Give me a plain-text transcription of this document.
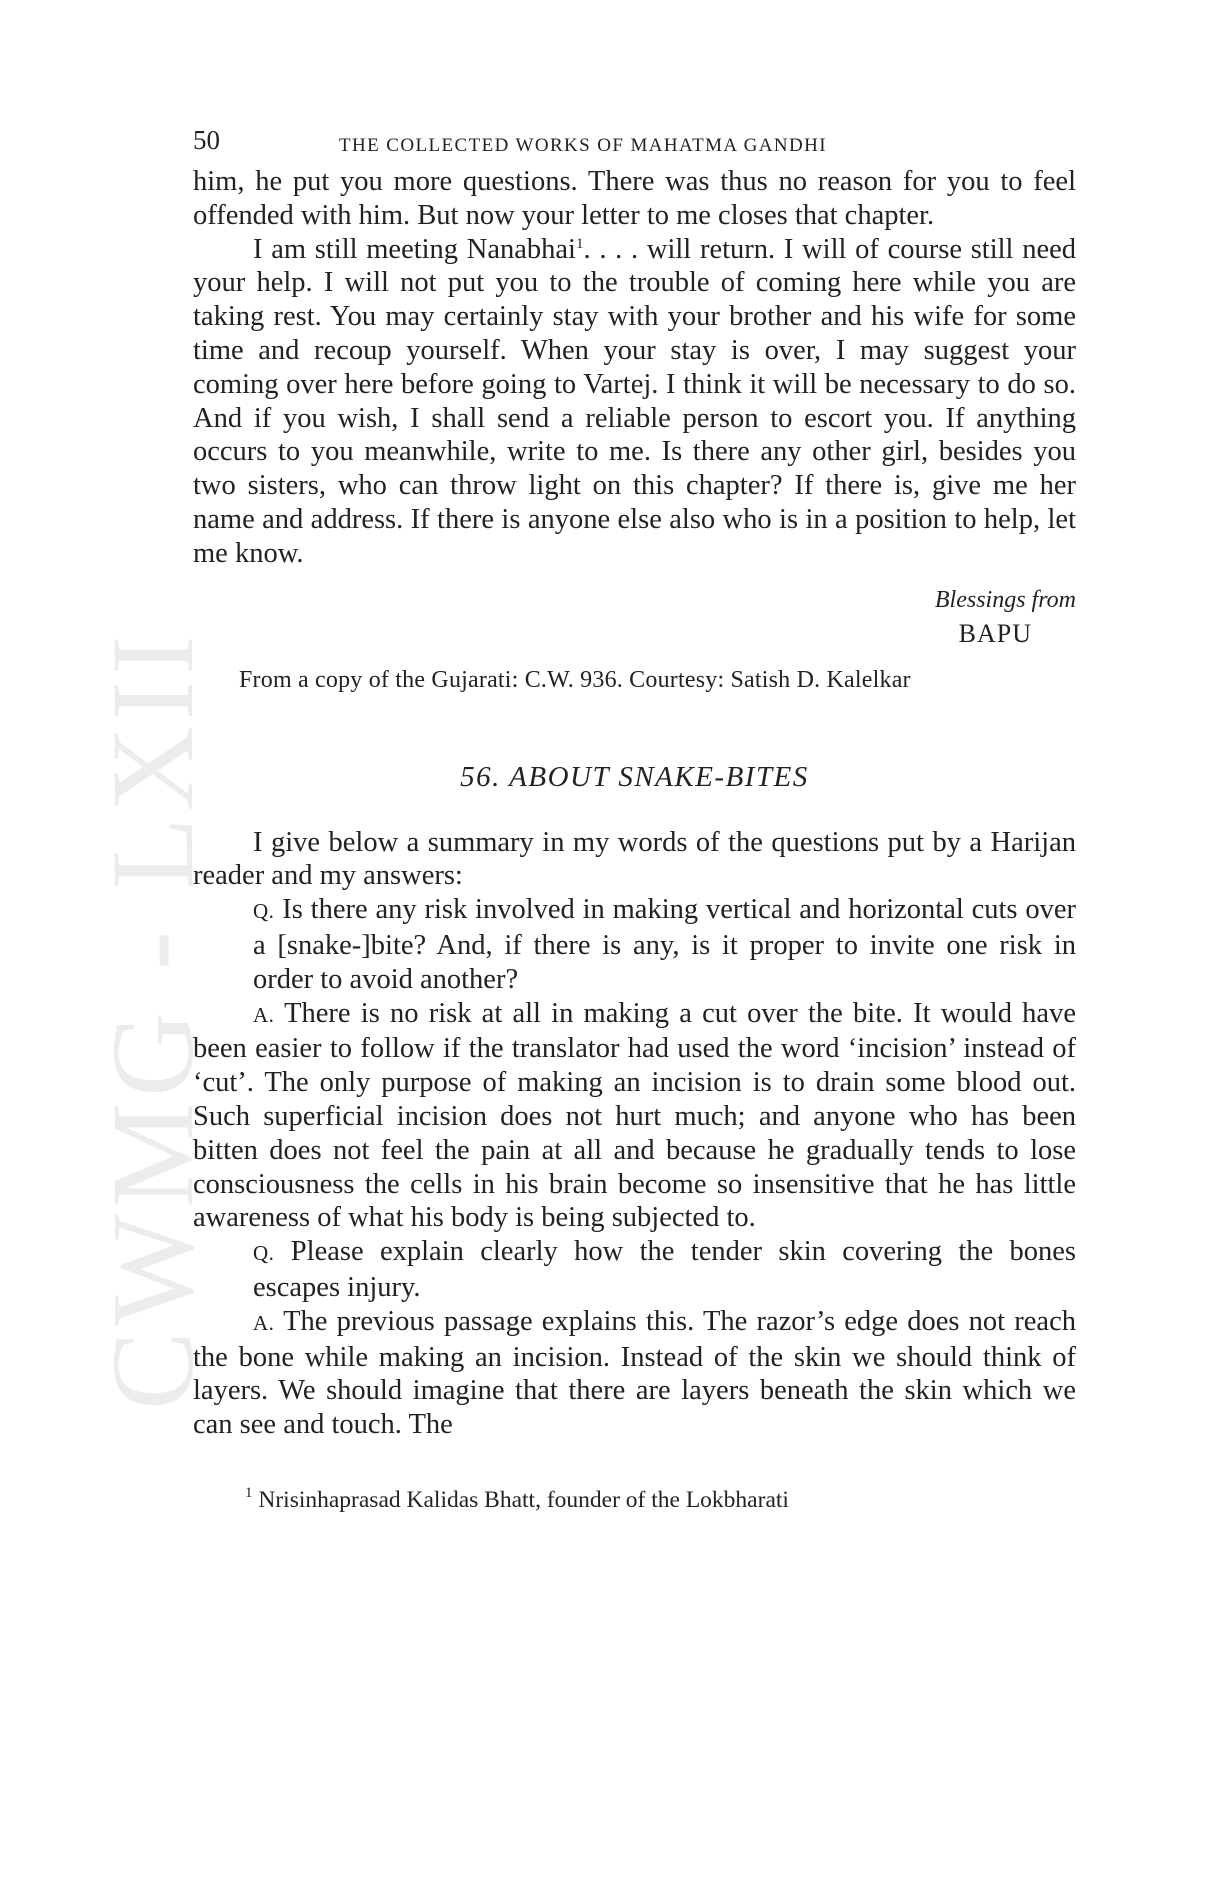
CWMG - LXII
50	THE COLLECTED WORKS OF MAHATMA GANDHI

him, he put you more questions. There was thus no reason for you to feel offended with him. But now your letter to me closes that chapter.

I am still meeting Nanabhai$^1$. . . . will return. I will of course still need your help. I will not put you to the trouble of coming here while you are taking rest. You may certainly stay with your brother and his wife for some time and recoup yourself. When your stay is over, I may suggest your coming over here before going to Vartej. I think it will be necessary to do so. And if you wish, I shall send a reliable person to escort you. If anything occurs to you meanwhile, write to me. Is there any other girl, besides you two sisters, who can throw light on this chapter? If there is, give me her name and address. If there is anyone else also who is in a position to help, let me know.

Blessings from
BAPU
From a copy of the Gujarati: C.W. 936. Courtesy: Satish D. Kalelkar
56. ABOUT SNAKE-BITES

I give below a summary in my words of the questions put by a Harijan reader and my answers:

Q. Is there any risk involved in making vertical and horizontal cuts over a [snake-]bite? And, if there is any, is it proper to invite one risk in order to avoid another?

A. There is no risk at all in making a cut over the bite. It would have been easier to follow if the translator had used the word ‘incision’ instead of ‘cut’. The only purpose of making an incision is to drain some blood out. Such superficial incision does not hurt much; and anyone who has been bitten does not feel the pain at all and because he gradually tends to lose consciousness the cells in his brain become so insensitive that he has little awareness of what his body is being subjected to.

Q. Please explain clearly how the tender skin covering the bones escapes injury.

A. The previous passage explains this. The razor’s edge does not reach the bone while making an incision. Instead of the skin we should think of layers. We should imagine that there are layers beneath the skin which we can see and touch. The

$^1$ Nrisinhaprasad Kalidas Bhatt, founder of the Lokbharati
